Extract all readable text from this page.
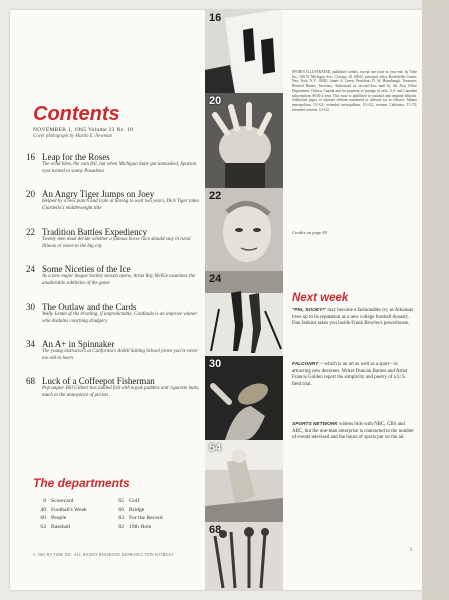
Contents
NOVEMBER 1, 1965 Volume 23 No. 18
Cover photograph by Martin E. Newman
16 Leap for the Roses
The wind blew, the rain fell, but when Michigan State got unmasked, Spartan eyes turned to sunny Pasadena
20 An Angry Tiger Jumps on Joey
Helped by a new punch and irate at having to wait two years, Dick Tiger takes Giardello's middleweight title
22 Tradition Battles Expediency
Twenty men must decide whether a famous horse race should stay in rural Illinois or move to the big city
24 Some Niceties of the Ice
As a new major league hockey season opens, Artist Ray McKie examines the unadorable subtleties of the game
30 The Outlaw and the Cards
Wally Lemm of the bristling, if unpredictable, Cardinals is an improve winner who disdains coaching drudgery
34 An A+ in Spinnaker
The young instructors at California's Ardell Sailing School prove you're never too old to learn
68 Luck of a Coffeepot Fisherman
Pop angler Bill Gilbert has landed fish with kayak paddles and cigarette butts, much to the annoyance of purists
The departments
8 Scorecard
40 Football's Week
60 People
62 Baseball
65 Golf
66 Bridge
83 For the Record
82 19th Hole
© 1965 BY TIME INC. ALL RIGHTS RESERVED. REPRODUCTION WITHOUT
16
20
22
24
30
54
68
SPORTS ILLUSTRATED, published weekly, except one issue at year end, by Time Inc., 540 N. Michigan Ave., Chicago, Ill. 60611; principal office Rockefeller Center, New York, N.Y. 10020; James A. Linen, President; D. W. Brumbaugh, Treasurer; Bernard Barnes, Secretary. Authorized as second-class mail by the Post Office Department, Ottawa, Canada and for payment of postage in cash. U.S. and Canadian subscriptions $9.00 a year. This issue is published in national and separate editions. Additional pages of separate editions numbered or allowed for as follows: Albany metropolitan, G1-G2; extended metropolitan, G1-G2; western California, T1-T2; extended western, G1-G2.
Credits on page 83
Next week
"PIG, SOOEY!" may become a fashionable cry as Arkansas lives up to its reputation as a new college football dynasty. Dan Jenkins takes you inside Frank Broyles's powerhouse.
FALCONRY —which is an art as well as a sport—is attracting new devotees. Writer Duncan Barnes and Artist Francis Golden report the simplicity and poetry of a U.S. field trial.
SPORTS NETWORK widens bids with NBC, CBS and ABC, but the one-man enterprise is contracted to the number of events televised and the hours of sports put on the air.
3
